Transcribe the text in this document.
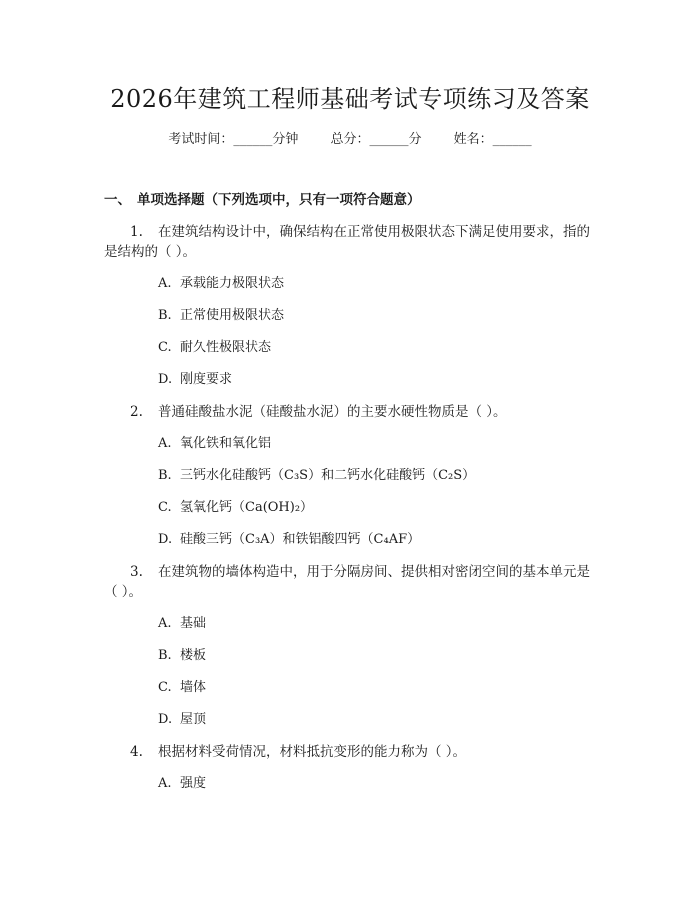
2026年建筑工程师基础考试专项练习及答案
考试时间：______分钟 总分：______分 姓名：______
一、 单项选择题（下列选项中，只有一项符合题意）
1. 在建筑结构设计中，确保结构在正常使用极限状态下满足使用要求，指的是结构的（ ）。
A. 承载能力极限状态
B. 正常使用极限状态
C. 耐久性极限状态
D. 刚度要求
2. 普通硅酸盐水泥（硅酸盐水泥）的主要水硬性物质是（ ）。
A. 氧化铁和氧化铝
B. 三钙水化硅酸钙（C₃S）和二钙水化硅酸钙（C₂S）
C. 氢氧化钙（Ca(OH)₂）
D. 硅酸三钙（C₃A）和铁铝酸四钙（C₄AF）
3. 在建筑物的墙体构造中，用于分隔房间、提供相对密闭空间的基本单元是（ ）。
A. 基础
B. 楼板
C. 墙体
D. 屋顶
4. 根据材料受荷情况，材料抵抗变形的能力称为（ ）。
A. 强度
